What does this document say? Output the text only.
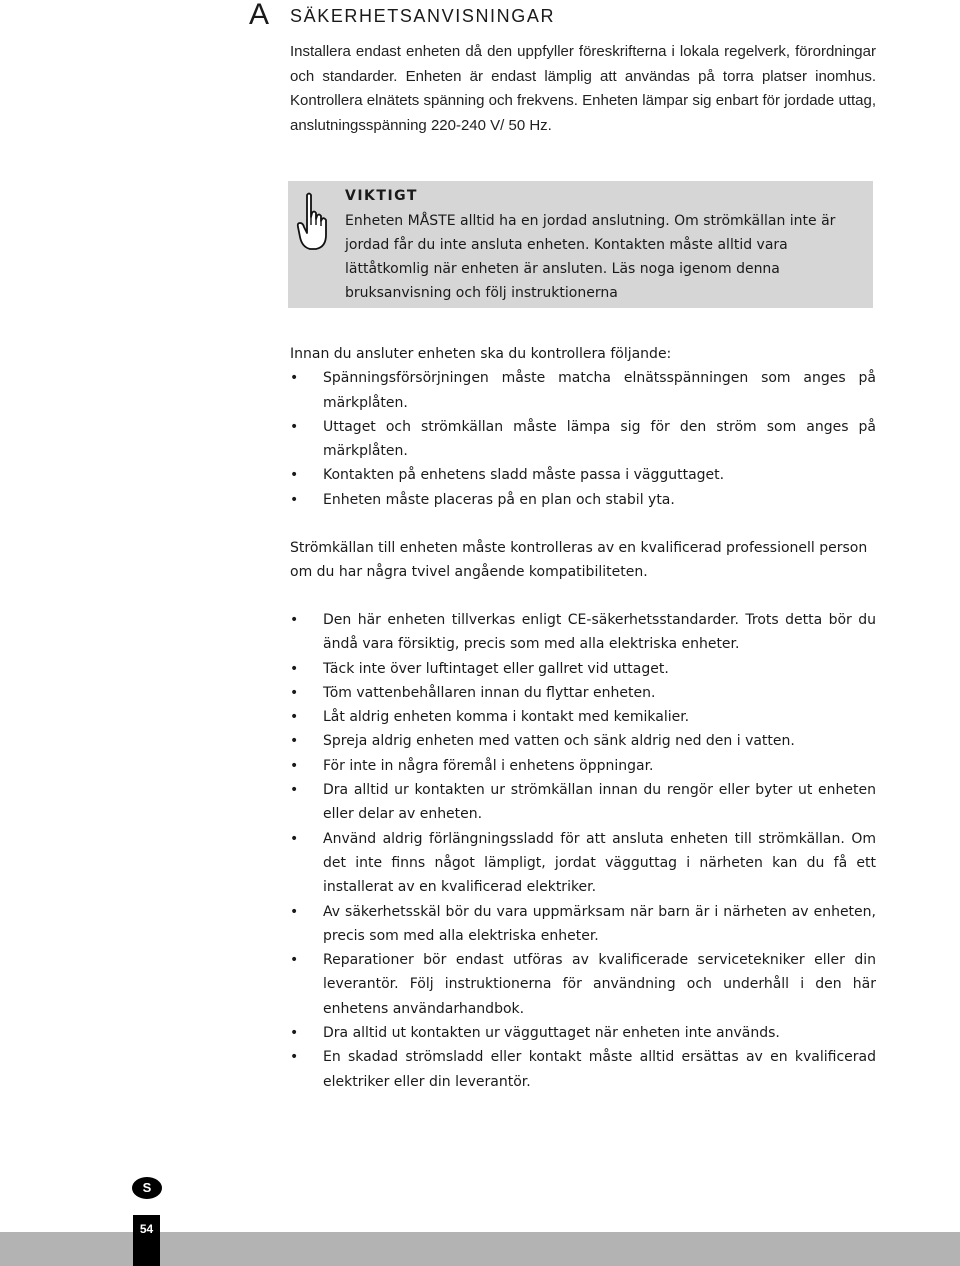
A SÄKERHETSANVISNINGAR

Installera endast enheten då den uppfyller föreskrifterna i lokala regelverk, förordningar och standarder. Enheten är endast lämplig att användas på torra platser inomhus. Kontrollera elnätets spänning och frekvens. Enheten lämpar sig enbart för jordade uttag, anslutningsspänning 220-240 V/ 50 Hz.

VIKTIGT
Enheten MÅSTE alltid ha en jordad anslutning. Om strömkällan inte är jordad får du inte ansluta enheten. Kontakten måste alltid vara lättåtkomlig när enheten är ansluten. Läs noga igenom denna bruksanvisning och följ instruktionerna
Innan du ansluter enheten ska du kontrollera följande:
• Spänningsförsörjningen måste matcha elnätsspänningen som anges på märkplåten.
• Uttaget och strömkällan måste lämpa sig för den ström som anges på märkplåten.
• Kontakten på enhetens sladd måste passa i vägguttaget.
• Enheten måste placeras på en plan och stabil yta.
Strömkällan till enheten måste kontrolleras av en kvalificerad professionell person om du har några tvivel angående kompatibiliteten.
• Den här enheten tillverkas enligt CE-säkerhetsstandarder. Trots detta bör du ändå vara försiktig, precis som med alla elektriska enheter.
• Täck inte över luftintaget eller gallret vid uttaget.
• Töm vattenbehållaren innan du flyttar enheten.
• Låt aldrig enheten komma i kontakt med kemikalier.
• Spreja aldrig enheten med vatten och sänk aldrig ned den i vatten.
• För inte in några föremål i enhetens öppningar.
• Dra alltid ur kontakten ur strömkällan innan du rengör eller byter ut enheten eller delar av enheten.
• Använd aldrig förlängningssladd för att ansluta enheten till strömkällan. Om det inte finns något lämpligt, jordat vägguttag i närheten kan du få ett installerat av en kvalificerad elektriker.
• Av säkerhetsskäl bör du vara uppmärksam när barn är i närheten av enheten, precis som med alla elektriska enheter.
• Reparationer bör endast utföras av kvalificerade servicetekniker eller din leverantör. Följ instruktionerna för användning och underhåll i den här enhetens användarhandbok.
• Dra alltid ut kontakten ur vägguttaget när enheten inte används.
• En skadad strömsladd eller kontakt måste alltid ersättas av en kvalificerad elektriker eller din leverantör.
S
54
